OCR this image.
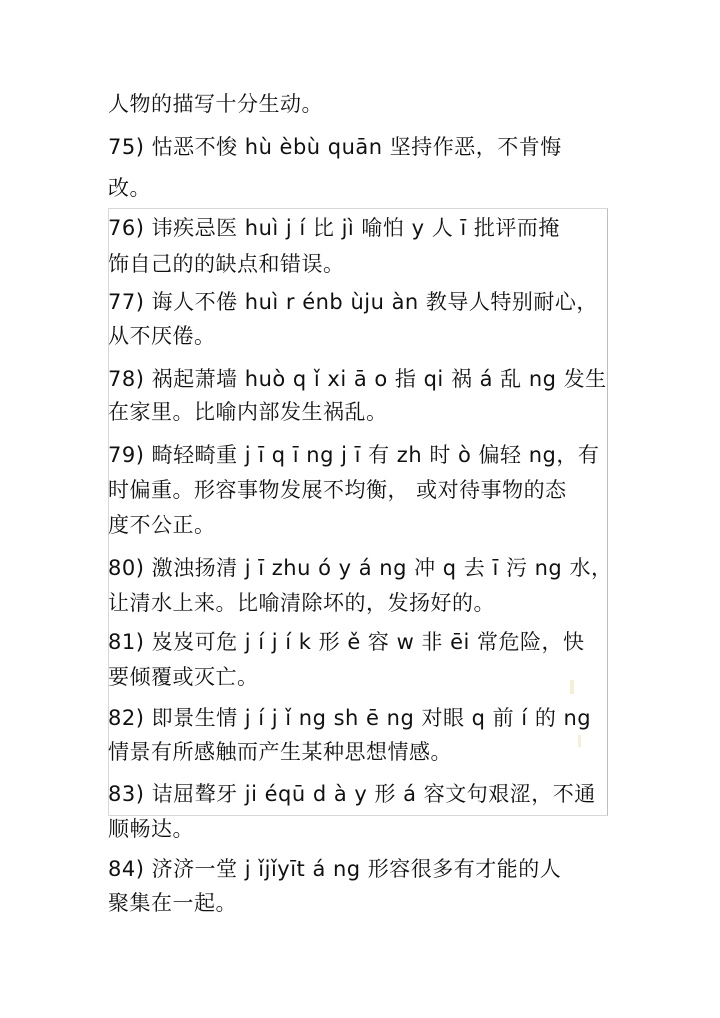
人物的描写十分生动。
75) 怙恶不悛 hù èbù quān 坚持作恶，不肯悔
改。
76) 讳疾忌医 huì j í 比 jì 喻怕 y 人 ī 批评而掩
饰自己的的缺点和错误。
77) 诲人不倦 huì r énb ùju àn 教导人特别耐心，
从不厌倦。
78) 祸起萧墙 huò q ǐ xi ā o 指 qi 祸 á 乱 ng 发生
在家里。比喻内部发生祸乱。
79) 畸轻畸重 j ī q ī ng j ī 有 zh 时 ò 偏轻 ng，有
时偏重。形容事物发展不均衡， 或对待事物的态
度不公正。
80) 激浊扬清 j ī zhu ó y á ng 冲 q 去 ī 污 ng 水，
让清水上来。比喻清除坏的，发扬好的。
81) 岌岌可危 j í j í k 形 ě 容 w 非 ēi 常危险，快
要倾覆或灭亡。
82) 即景生情 j í j ǐ ng sh ē ng 对眼 q 前 í 的 ng
情景有所感触而产生某种思想情感。
83) 诘屈聱牙 ji éqū d à y 形 á 容文句艰涩，不通
顺畅达。
84) 济济一堂 j ǐjǐyīt á ng 形容很多有才能的人
聚集在一起。
